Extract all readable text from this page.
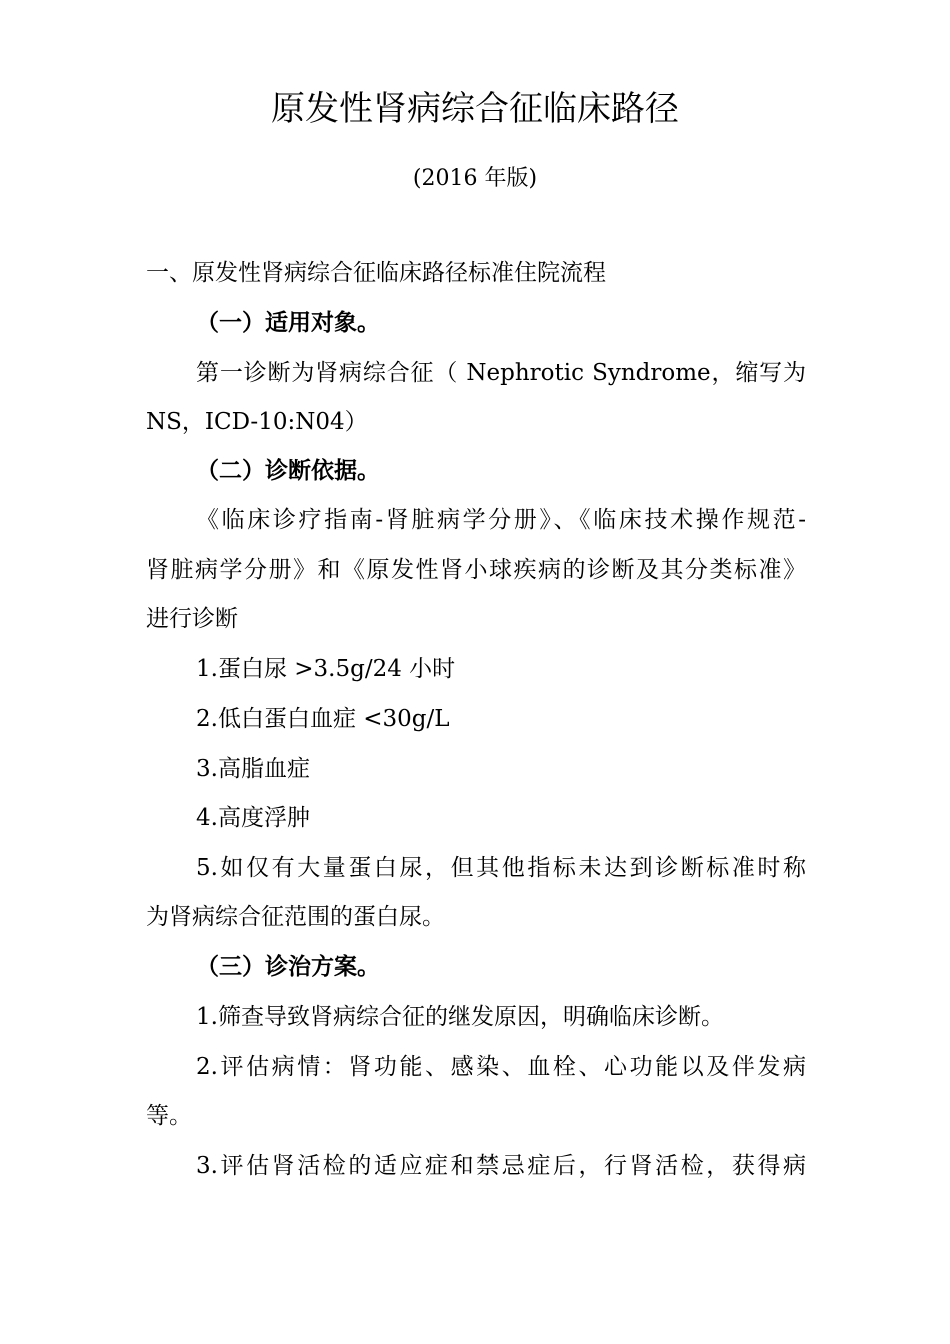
原发性肾病综合征临床路径
(2016 年版)
一、原发性肾病综合征临床路径标准住院流程
（一）适用对象。
第一诊断为肾病综合征（ Nephrotic Syndrome，缩写为
NS，ICD-10:N04）
（二）诊断依据。
《临床诊疗指南-肾脏病学分册》、《临床技术操作规范-
肾脏病学分册》和《原发性肾小球疾病的诊断及其分类标准》
进行诊断
1.蛋白尿 >3.5g/24 小时
2.低白蛋白血症 <30g/L
3.高脂血症
4.高度浮肿
5.如仅有大量蛋白尿，但其他指标未达到诊断标准时称
为肾病综合征范围的蛋白尿。
（三）诊治方案。
1.筛查导致肾病综合征的继发原因，明确临床诊断。
2.评估病情：肾功能、感染、血栓、心功能以及伴发病
等。
3.评估肾活检的适应症和禁忌症后，行肾活检，获得病
